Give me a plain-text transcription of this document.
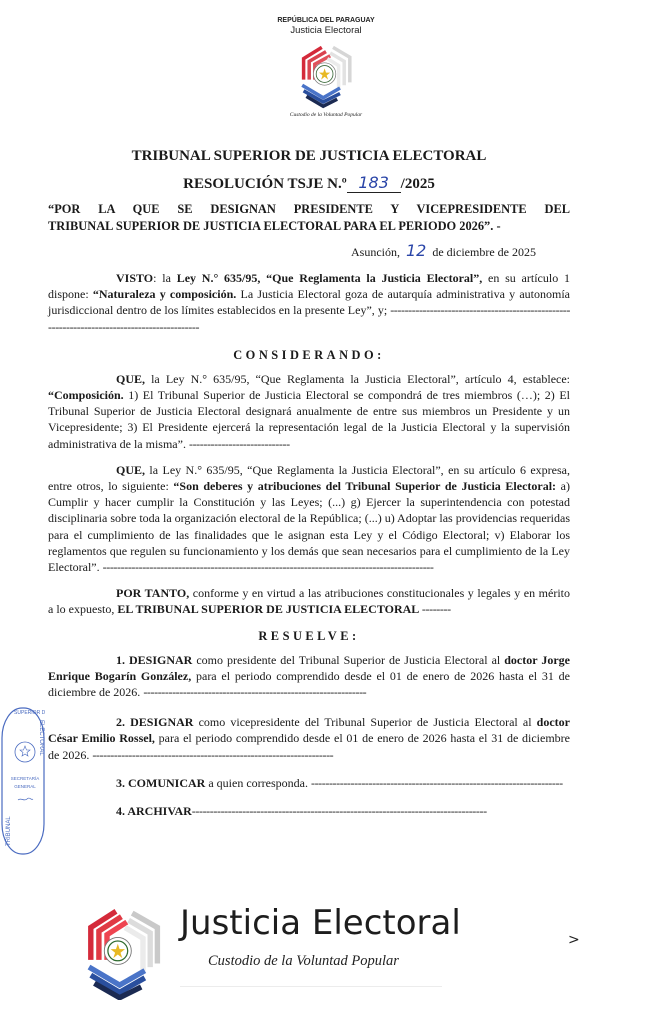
REPÚBLICA DEL PARAGUAY
Justicia Electoral
Custodio de la Voluntad Popular
TRIBUNAL SUPERIOR DE JUSTICIA ELECTORAL
RESOLUCIÓN TSJE N.º 183 /2025
“POR LA QUE SE DESIGNAN PRESIDENTE Y VICEPRESIDENTE DEL
TRIBUNAL SUPERIOR DE JUSTICIA ELECTORAL PARA EL PERIODO 2026”. -
Asunción, 12 de diciembre de 2025

VISTO: la Ley N.° 635/95, “Que Reglamenta la Justicia Electoral”, en su artículo 1 dispone: “Naturaleza y composición. La Justicia Electoral goza de autarquía administrativa y autonomía jurisdiccional dentro de los límites establecidos en la presente Ley”, y; --------------------------------------------------------------------------------------------

CONSIDERANDO:

QUE, la Ley N.° 635/95, “Que Reglamenta la Justicia Electoral”, artículo 4, establece: “Composición. 1) El Tribunal Superior de Justicia Electoral se compondrá de tres miembros (…); 2) El Tribunal Superior de Justicia Electoral designará anualmente de entre sus miembros un Presidente y un Vicepresidente; 3) El Presidente ejercerá la representación legal de la Justicia Electoral y la supervisión administrativa de la misma”. ----------------------------

QUE, la Ley N.° 635/95, “Que Reglamenta la Justicia Electoral”, en su artículo 6 expresa, entre otros, lo siguiente: “Son deberes y atribuciones del Tribunal Superior de Justicia Electoral: a) Cumplir y hacer cumplir la Constitución y las Leyes; (...) g) Ejercer la superintendencia con potestad disciplinaria sobre toda la organización electoral de la República; (...) u) Adoptar las providencias requeridas para el cumplimiento de las finalidades que le asignan esta Ley y el Código Electoral; v) Elaborar los reglamentos que regulen su funcionamiento y los demás que sean necesarios para el cumplimiento de la Ley Electoral”. --------------------------------------------------------------------------------------------

POR TANTO, conforme y en virtud a las atribuciones constitucionales y legales y en mérito a lo expuesto, EL TRIBUNAL SUPERIOR DE JUSTICIA ELECTORAL --------

RESUELVE:

1. DESIGNAR como presidente del Tribunal Superior de Justicia Electoral al doctor Jorge Enrique Bogarín González, para el periodo comprendido desde el 01 de enero de 2026 hasta el 31 de diciembre de 2026. --------------------------------------------------------------

2. DESIGNAR como vicepresidente del Tribunal Superior de Justicia Electoral al doctor César Emilio Rossel, para el periodo comprendido desde el 01 de enero de 2026 hasta el 31 de diciembre de 2026. -------------------------------------------------------------------

3. COMUNICAR a quien corresponda. ----------------------------------------------------------------------

4. ARCHIVAR----------------------------------------------------------------------------------

SUPERIOR D
TRIBUNAL
ELECTORAL
SECRETARÍA
GENERAL
Justicia Electoral
Custodio de la Voluntad Popular
>
